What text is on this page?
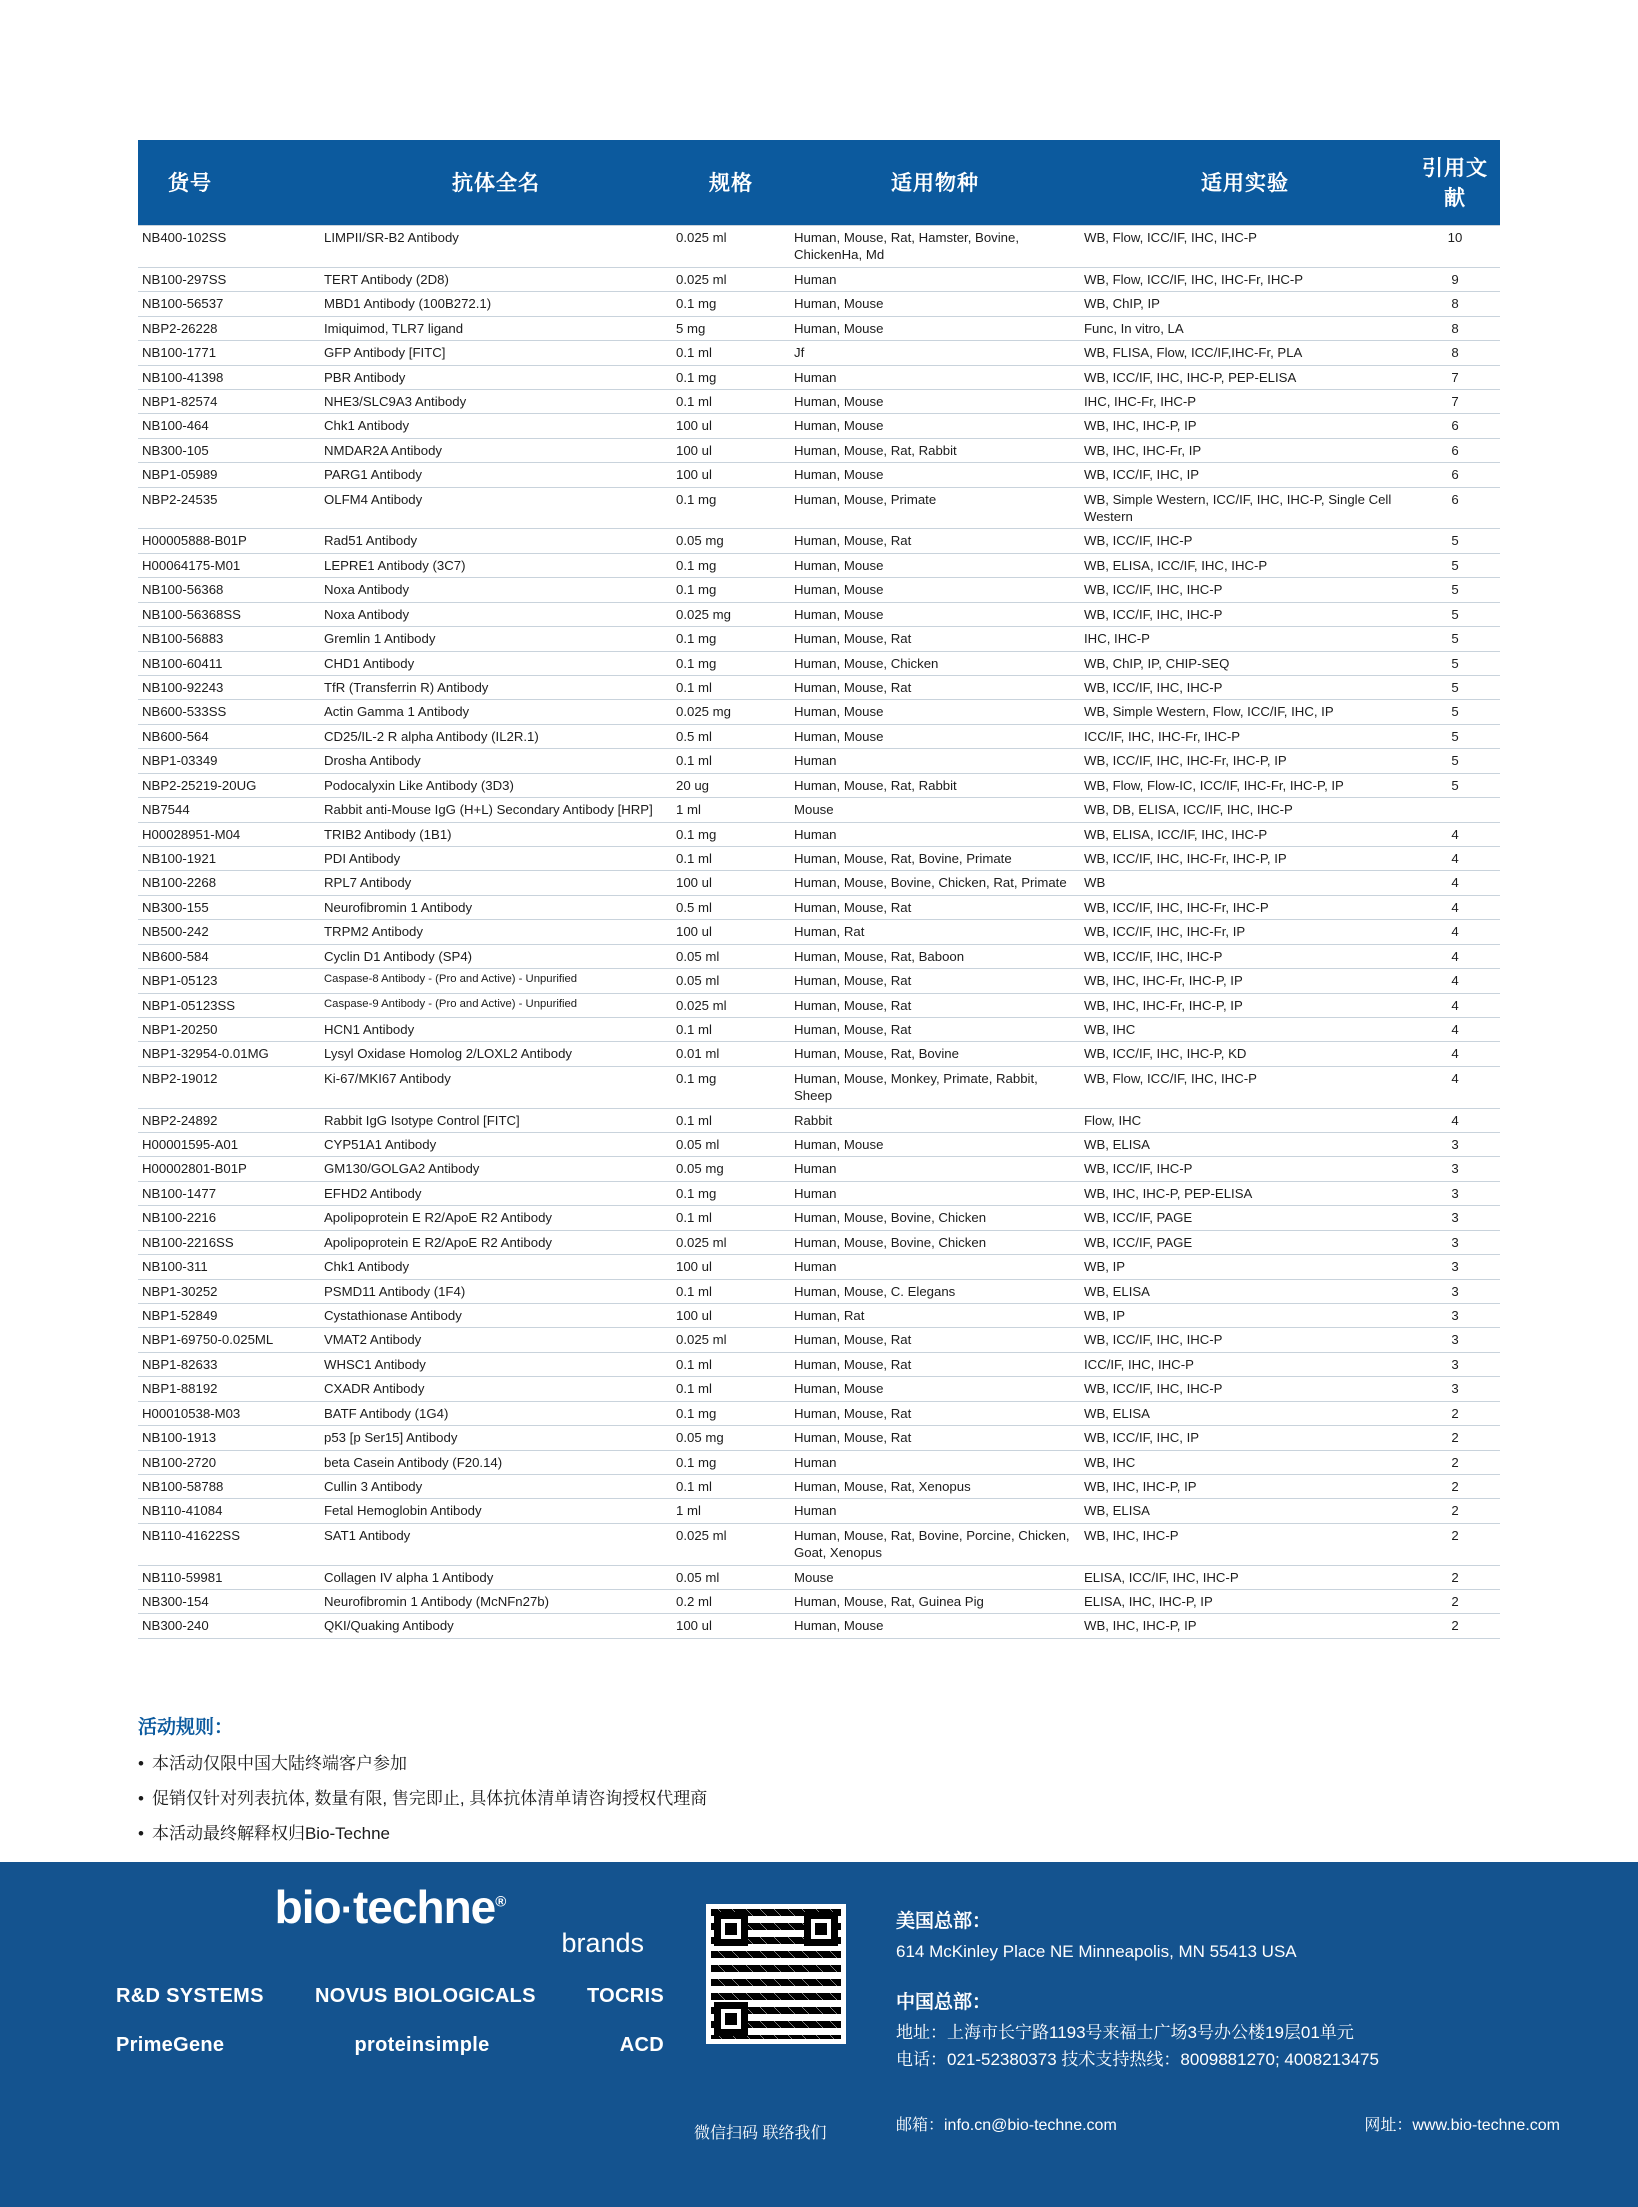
货号	抗体全名	规格	适用物种	适用实验	引用文献
NB400-102SS	LIMPII/SR-B2 Antibody	0.025 ml	Human, Mouse, Rat, Hamster, Bovine, ChickenHa, Md	WB, Flow, ICC/IF, IHC, IHC-P	10
NB100-297SS	TERT Antibody (2D8)	0.025 ml	Human	WB, Flow, ICC/IF, IHC, IHC-Fr, IHC-P	9
NB100-56537	MBD1 Antibody (100B272.1)	0.1 mg	Human, Mouse	WB, ChIP, IP	8
NBP2-26228	Imiquimod, TLR7 ligand	5 mg	Human, Mouse	Func, In vitro, LA	8
NB100-1771	GFP Antibody [FITC]	0.1 ml	Jf	WB, FLISA, Flow, ICC/IF,IHC-Fr, PLA	8
NB100-41398	PBR Antibody	0.1 mg	Human	WB, ICC/IF, IHC, IHC-P, PEP-ELISA	7
NBP1-82574	NHE3/SLC9A3 Antibody	0.1 ml	Human, Mouse	IHC, IHC-Fr, IHC-P	7
NB100-464	Chk1 Antibody	100 ul	Human, Mouse	WB, IHC, IHC-P, IP	6
NB300-105	NMDAR2A Antibody	100 ul	Human, Mouse, Rat, Rabbit	WB, IHC, IHC-Fr, IP	6
NBP1-05989	PARG1 Antibody	100 ul	Human, Mouse	WB, ICC/IF, IHC, IP	6
NBP2-24535	OLFM4 Antibody	0.1 mg	Human, Mouse, Primate	WB, Simple Western, ICC/IF, IHC, IHC-P, Single Cell Western	6
H00005888-B01P	Rad51 Antibody	0.05 mg	Human, Mouse, Rat	WB, ICC/IF, IHC-P	5
H00064175-M01	LEPRE1 Antibody (3C7)	0.1 mg	Human, Mouse	WB, ELISA, ICC/IF, IHC, IHC-P	5
NB100-56368	Noxa Antibody	0.1 mg	Human, Mouse	WB, ICC/IF, IHC, IHC-P	5
NB100-56368SS	Noxa Antibody	0.025 mg	Human, Mouse	WB, ICC/IF, IHC, IHC-P	5
NB100-56883	Gremlin 1 Antibody	0.1 mg	Human, Mouse, Rat	IHC, IHC-P	5
NB100-60411	CHD1 Antibody	0.1 mg	Human, Mouse, Chicken	WB, ChIP, IP, CHIP-SEQ	5
NB100-92243	TfR (Transferrin R) Antibody	0.1 ml	Human, Mouse, Rat	WB, ICC/IF, IHC, IHC-P	5
NB600-533SS	Actin Gamma 1 Antibody	0.025 mg	Human, Mouse	WB, Simple Western, Flow, ICC/IF, IHC, IP	5
NB600-564	CD25/IL-2 R alpha Antibody (IL2R.1)	0.5 ml	Human, Mouse	ICC/IF, IHC, IHC-Fr, IHC-P	5
NBP1-03349	Drosha Antibody	0.1 ml	Human	WB, ICC/IF, IHC, IHC-Fr, IHC-P, IP	5
NBP2-25219-20UG	Podocalyxin Like Antibody (3D3)	20 ug	Human, Mouse, Rat, Rabbit	WB, Flow, Flow-IC, ICC/IF, IHC-Fr, IHC-P, IP	5
NB7544	Rabbit anti-Mouse IgG (H+L) Secondary Antibody [HRP]	1 ml	Mouse	WB, DB, ELISA, ICC/IF, IHC, IHC-P	
H00028951-M04	TRIB2 Antibody (1B1)	0.1 mg	Human	WB, ELISA, ICC/IF, IHC, IHC-P	4
NB100-1921	PDI Antibody	0.1 ml	Human, Mouse, Rat, Bovine, Primate	WB, ICC/IF, IHC, IHC-Fr, IHC-P, IP	4
NB100-2268	RPL7 Antibody	100 ul	Human, Mouse, Bovine, Chicken, Rat, Primate	WB	4
NB300-155	Neurofibromin 1 Antibody	0.5 ml	Human, Mouse, Rat	WB, ICC/IF, IHC, IHC-Fr, IHC-P	4
NB500-242	TRPM2 Antibody	100 ul	Human, Rat	WB, ICC/IF, IHC, IHC-Fr, IP	4
NB600-584	Cyclin D1 Antibody (SP4)	0.05 ml	Human, Mouse, Rat, Baboon	WB, ICC/IF, IHC, IHC-P	4
NBP1-05123	Caspase-8 Antibody - (Pro and Active) - Unpurified	0.05 ml	Human, Mouse, Rat	WB, IHC, IHC-Fr, IHC-P, IP	4
NBP1-05123SS	Caspase-9 Antibody - (Pro and Active) - Unpurified	0.025 ml	Human, Mouse, Rat	WB, IHC, IHC-Fr, IHC-P, IP	4
NBP1-20250	HCN1 Antibody	0.1 ml	Human, Mouse, Rat	WB, IHC	4
NBP1-32954-0.01MG	Lysyl Oxidase Homolog 2/LOXL2 Antibody	0.01 ml	Human, Mouse, Rat, Bovine	WB, ICC/IF, IHC, IHC-P, KD	4
NBP2-19012	Ki-67/MKI67 Antibody	0.1 mg	Human, Mouse, Monkey, Primate, Rabbit, Sheep	WB, Flow, ICC/IF, IHC, IHC-P	4
NBP2-24892	Rabbit IgG Isotype Control [FITC]	0.1 ml	Rabbit	Flow, IHC	4
H00001595-A01	CYP51A1 Antibody	0.05 ml	Human, Mouse	WB, ELISA	3
H00002801-B01P	GM130/GOLGA2 Antibody	0.05 mg	Human	WB, ICC/IF, IHC-P	3
NB100-1477	EFHD2 Antibody	0.1 mg	Human	WB, IHC, IHC-P, PEP-ELISA	3
NB100-2216	Apolipoprotein E R2/ApoE R2 Antibody	0.1 ml	Human, Mouse, Bovine, Chicken	WB, ICC/IF, PAGE	3
NB100-2216SS	Apolipoprotein E R2/ApoE R2 Antibody	0.025 ml	Human, Mouse, Bovine, Chicken	WB, ICC/IF, PAGE	3
NB100-311	Chk1 Antibody	100 ul	Human	WB, IP	3
NBP1-30252	PSMD11 Antibody (1F4)	0.1 ml	Human, Mouse, C. Elegans	WB, ELISA	3
NBP1-52849	Cystathionase Antibody	100 ul	Human, Rat	WB, IP	3
NBP1-69750-0.025ML	VMAT2 Antibody	0.025 ml	Human, Mouse, Rat	WB, ICC/IF, IHC, IHC-P	3
NBP1-82633	WHSC1 Antibody	0.1 ml	Human, Mouse, Rat	ICC/IF, IHC, IHC-P	3
NBP1-88192	CXADR Antibody	0.1 ml	Human, Mouse	WB, ICC/IF, IHC, IHC-P	3
H00010538-M03	BATF Antibody (1G4)	0.1 mg	Human, Mouse, Rat	WB, ELISA	2
NB100-1913	p53 [p Ser15] Antibody	0.05 mg	Human, Mouse, Rat	WB, ICC/IF, IHC, IP	2
NB100-2720	beta Casein Antibody (F20.14)	0.1 mg	Human	WB, IHC	2
NB100-58788	Cullin 3 Antibody	0.1 ml	Human, Mouse, Rat, Xenopus	WB, IHC, IHC-P, IP	2
NB110-41084	Fetal Hemoglobin Antibody	1 ml	Human	WB, ELISA	2
NB110-41622SS	SAT1 Antibody	0.025 ml	Human, Mouse, Rat, Bovine, Porcine, Chicken, Goat, Xenopus	WB, IHC, IHC-P	2
NB110-59981	Collagen IV alpha 1 Antibody	0.05 ml	Mouse	ELISA, ICC/IF, IHC, IHC-P	2
NB300-154	Neurofibromin 1 Antibody (McNFn27b)	0.2 ml	Human, Mouse, Rat, Guinea Pig	ELISA, IHC, IHC-P, IP	2
NB300-240	QKI/Quaking Antibody	100 ul	Human, Mouse	WB, IHC, IHC-P, IP	2
活动规则：
• 本活动仅限中国大陆终端客户参加
• 促销仅针对列表抗体, 数量有限, 售完即止, 具体抗体清单请咨询授权代理商
• 本活动最终解释权归Bio-Techne
bio·techne®
brands
R&D SYSTEMS	NOVUS BIOLOGICALS	TOCRIS
PrimeGene	proteinsimple	ACD
微信扫码 联络我们
美国总部：
614 McKinley Place NE Minneapolis, MN 55413 USA
中国总部：
地址：上海市长宁路1193号来福士广场3号办公楼19层01单元
电话：021-52380373 技术支持热线：8009881270; 4008213475
邮箱：info.cn@bio-techne.com	网址：www.bio-techne.com
